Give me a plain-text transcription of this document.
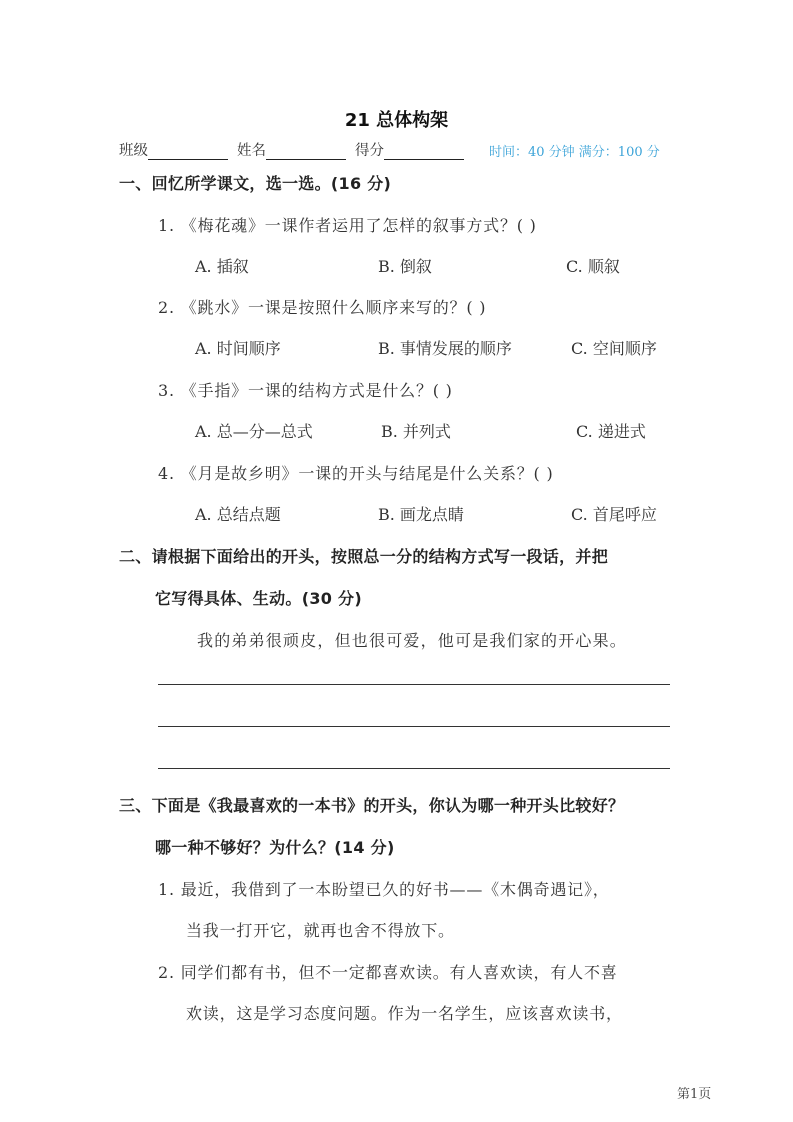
21 总体构架
班级	姓名	得分	时间：40 分钟 满分：100 分
一、回忆所学课文，选一选。(16 分)
1. 《梅花魂》一课作者运用了怎样的叙事方式？( )
A. 插叙	B. 倒叙	C. 顺叙
2. 《跳水》一课是按照什么顺序来写的？( )
A. 时间顺序	B. 事情发展的顺序	C. 空间顺序
3. 《手指》一课的结构方式是什么？( )
A. 总—分—总式	B. 并列式	C. 递进式
4. 《月是故乡明》一课的开头与结尾是什么关系？( )
A. 总结点题	B. 画龙点睛	C. 首尾呼应
二、请根据下面给出的开头，按照总一分的结构方式写一段话，并把
它写得具体、生动。(30 分)
我的弟弟很顽皮，但也很可爱，他可是我们家的开心果。
三、下面是《我最喜欢的一本书》的开头，你认为哪一种开头比较好？
哪一种不够好？为什么？(14 分)
1. 最近，我借到了一本盼望已久的好书——《木偶奇遇记》，
当我一打开它，就再也舍不得放下。
2. 同学们都有书，但不一定都喜欢读。有人喜欢读，有人不喜
欢读，这是学习态度问题。作为一名学生，应该喜欢读书，
第1页
